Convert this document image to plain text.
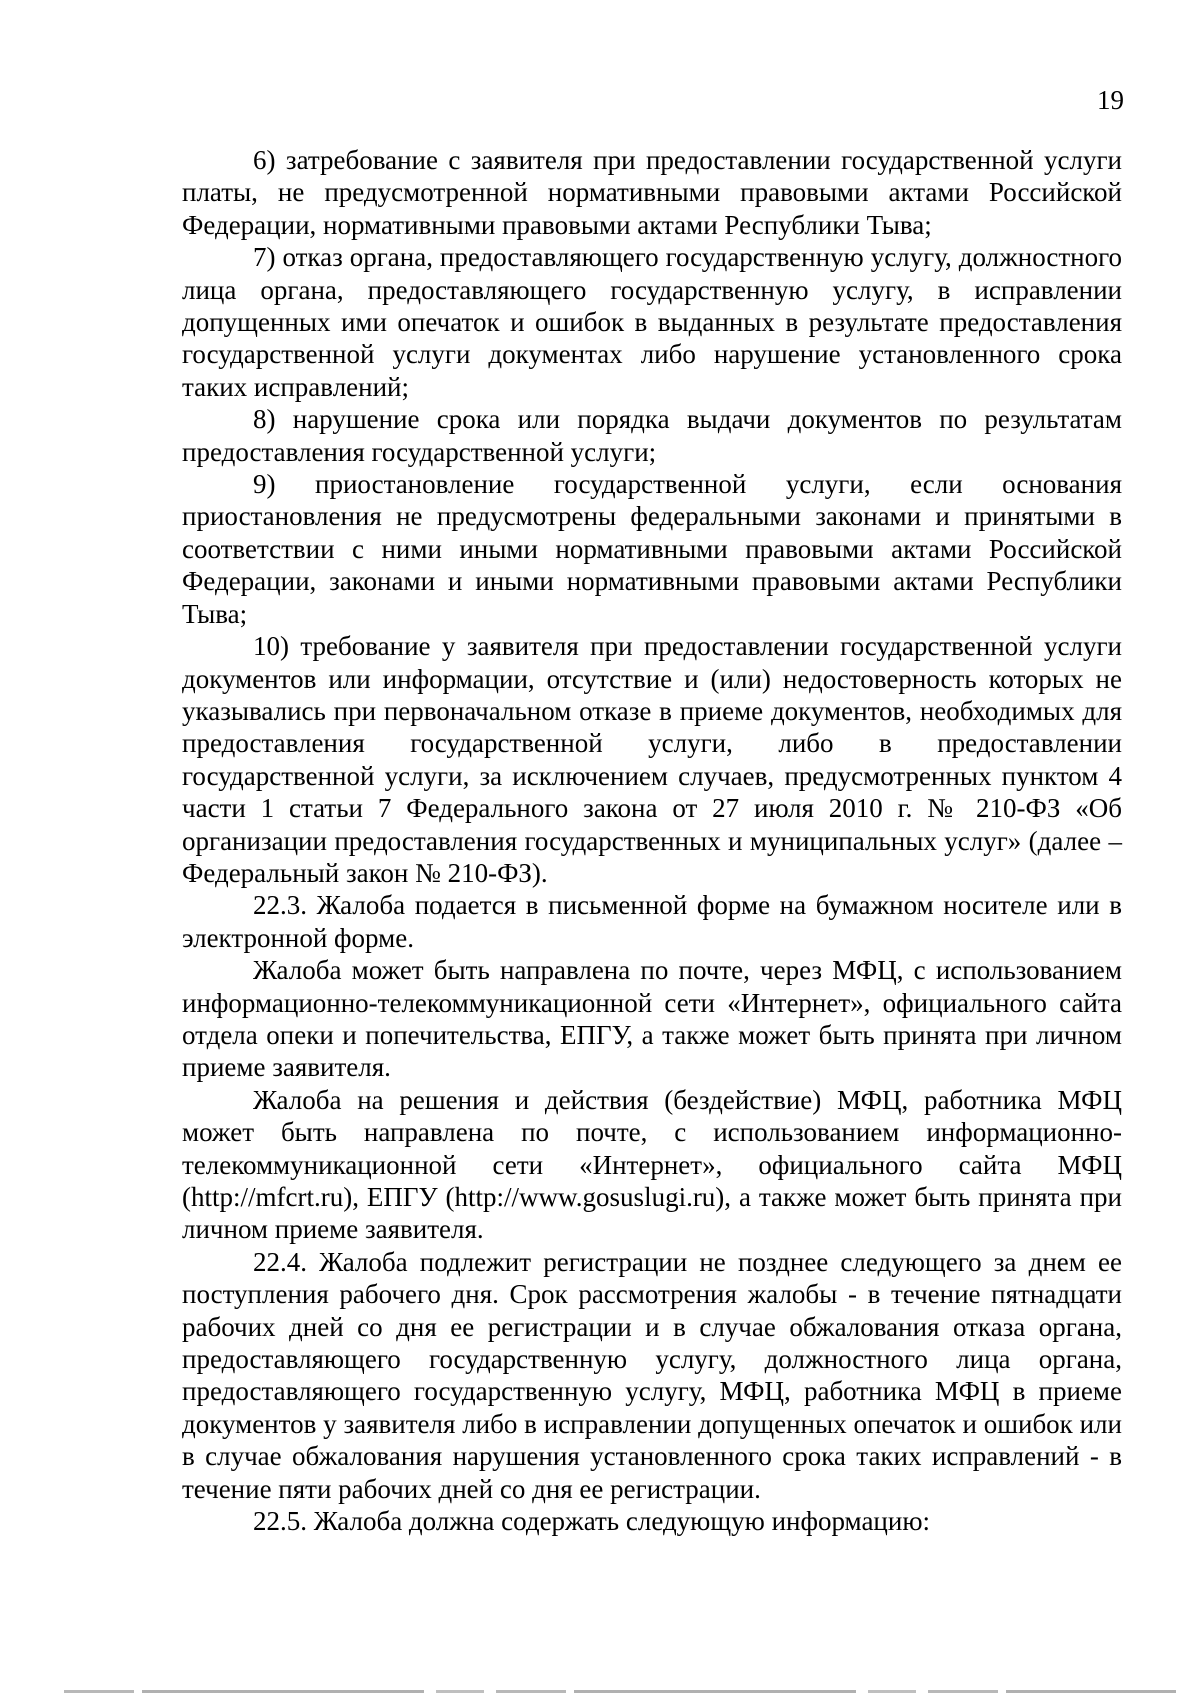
19

6) затребование с заявителя при предоставлении государственной услуги платы, не предусмотренной нормативными правовыми актами Российской Федерации, нормативными правовыми актами Республики Тыва;

7) отказ органа, предоставляющего государственную услугу, должностного лица органа, предоставляющего государственную услугу, в исправлении допущенных ими опечаток и ошибок в выданных в результате предоставления государственной услуги документах либо нарушение установленного срока таких исправлений;

8) нарушение срока или порядка выдачи документов по результатам предоставления государственной услуги;

9) приостановление государственной услуги, если основания приостановления не предусмотрены федеральными законами и принятыми в соответствии с ними иными нормативными правовыми актами Российской Федерации, законами и иными нормативными правовыми актами Республики Тыва;

10) требование у заявителя при предоставлении государственной услуги документов или информации, отсутствие и (или) недостоверность которых не указывались при первоначальном отказе в приеме документов, необходимых для предоставления государственной услуги, либо в предоставлении государственной услуги, за исключением случаев, предусмотренных пунктом 4 части 1 статьи 7 Федерального закона от 27 июля 2010 г. № 210-ФЗ «Об организации предоставления государственных и муниципальных услуг» (далее – Федеральный закон № 210-ФЗ).

22.3. Жалоба подается в письменной форме на бумажном носителе или в электронной форме.

Жалоба может быть направлена по почте, через МФЦ, с использованием информационно-телекоммуникационной сети «Интернет», официального сайта отдела опеки и попечительства, ЕПГУ, а также может быть принята при личном приеме заявителя.

Жалоба на решения и действия (бездействие) МФЦ, работника МФЦ может быть направлена по почте, с использованием информационно-телекоммуникационной сети «Интернет», официального сайта МФЦ (http://mfcrt.ru), ЕПГУ (http://www.gosuslugi.ru), а также может быть принята при личном приеме заявителя.

22.4. Жалоба подлежит регистрации не позднее следующего за днем ее поступления рабочего дня. Срок рассмотрения жалобы - в течение пятнадцати рабочих дней со дня ее регистрации и в случае обжалования отказа органа, предоставляющего государственную услугу, должностного лица органа, предоставляющего государственную услугу, МФЦ, работника МФЦ в приеме документов у заявителя либо в исправлении допущенных опечаток и ошибок или в случае обжалования нарушения установленного срока таких исправлений - в течение пяти рабочих дней со дня ее регистрации.

22.5. Жалоба должна содержать следующую информацию:
